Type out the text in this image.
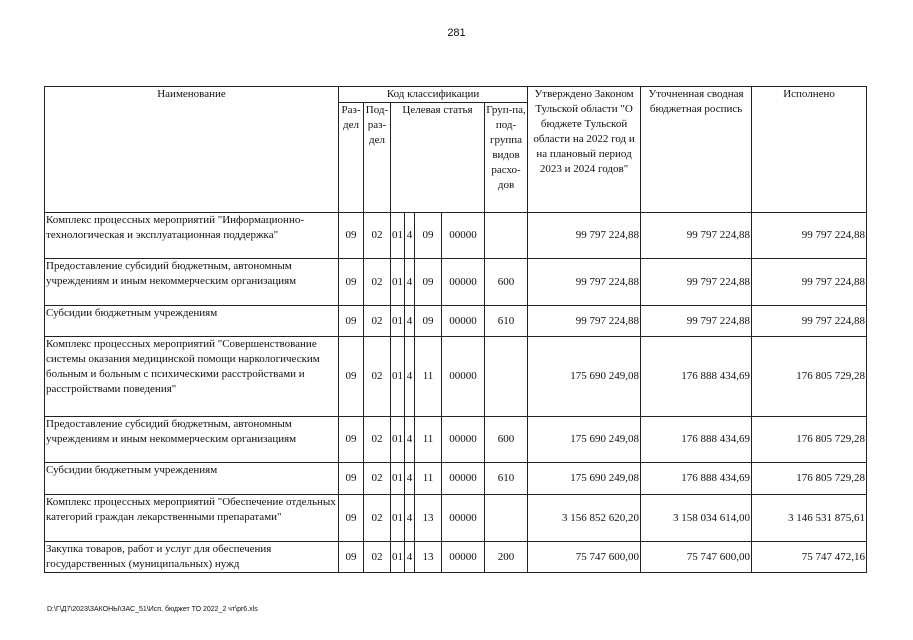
281
Наименование	Код классификации							Утверждено Законом Тульской области "О бюджете Тульской области на 2022 год и на плановый период 2023 и 2024 годов"	Уточненная сводная бюджетная роспись	Исполнено
	Раз-дел	Под-раз-дел	Целевая статья				Груп-па, под-группа видов расхо-дов			
Комплекс процессных мероприятий "Информационно-технологическая и эксплуатационная поддержка"	09	02	01	4	09	00000		99 797 224,88	99 797 224,88	99 797 224,88
Предоставление субсидий бюджетным, автономным учреждениям и иным некоммерческим организациям	09	02	01	4	09	00000	600	99 797 224,88	99 797 224,88	99 797 224,88
Субсидии бюджетным учреждениям	09	02	01	4	09	00000	610	99 797 224,88	99 797 224,88	99 797 224,88
Комплекс процессных мероприятий "Совершенствование системы оказания медицинской помощи наркологическим больным и больным с психическими расстройствами и расстройствами поведения"	09	02	01	4	11	00000		175 690 249,08	176 888 434,69	176 805 729,28
Предоставление субсидий бюджетным, автономным учреждениям и иным некоммерческим организациям	09	02	01	4	11	00000	600	175 690 249,08	176 888 434,69	176 805 729,28
Субсидии бюджетным учреждениям	09	02	01	4	11	00000	610	175 690 249,08	176 888 434,69	176 805 729,28
Комплекс процессных мероприятий "Обеспечение отдельных категорий граждан лекарственными препаратами"	09	02	01	4	13	00000		3 156 852 620,20	3 158 034 614,00	3 146 531 875,61
Закупка товаров, работ и услуг для обеспечения государственных (муниципальных) нужд	09	02	01	4	13	00000	200	75 747 600,00	75 747 600,00	75 747 472,16
D:\Г\Д7\2023\ЗАКОНЫ\ЗАС_51\Исп. бюджет ТО 2022_2 чт\pr6.xls
